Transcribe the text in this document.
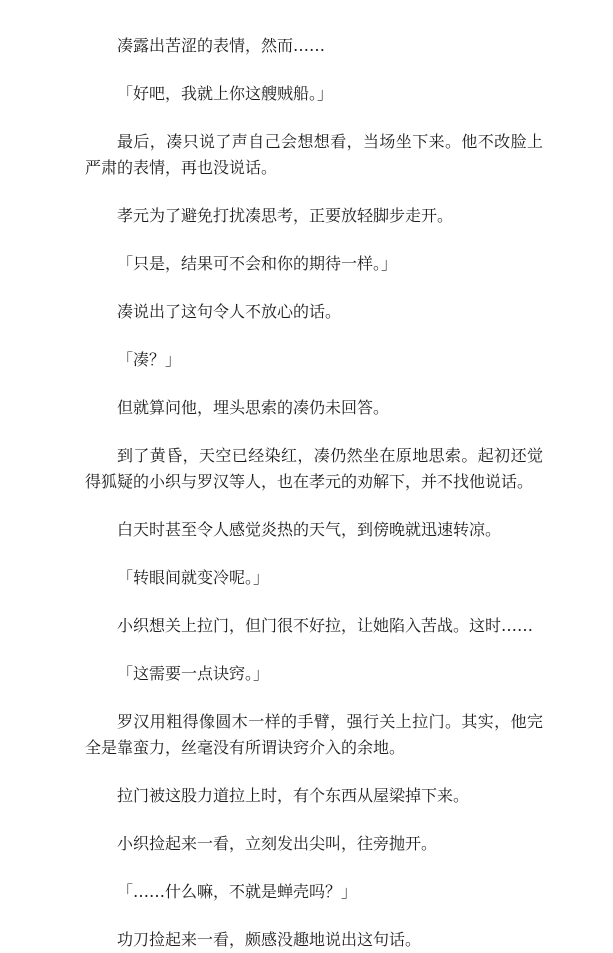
凑露出苦涩的表情，然而……

「好吧，我就上你这艘贼船。」

最后，凑只说了声自己会想想看，当场坐下来。他不改脸上严肃的表情，再也没说话。

孝元为了避免打扰凑思考，正要放轻脚步走开。

「只是，结果可不会和你的期待一样。」

凑说出了这句令人不放心的话。

「凑？」

但就算问他，埋头思索的凑仍未回答。

到了黄昏，天空已经染红，凑仍然坐在原地思索。起初还觉得狐疑的小织与罗汉等人，也在孝元的劝解下，并不找他说话。

白天时甚至令人感觉炎热的天气，到傍晚就迅速转凉。

「转眼间就变冷呢。」

小织想关上拉门，但门很不好拉，让她陷入苦战。这时……

「这需要一点诀窍。」

罗汉用粗得像圆木一样的手臂，强行关上拉门。其实，他完全是靠蛮力，丝毫没有所谓诀窍介入的余地。

拉门被这股力道拉上时，有个东西从屋梁掉下来。

小织捡起来一看，立刻发出尖叫，往旁抛开。

「……什么嘛，不就是蝉壳吗？」

功刀捡起来一看，颇感没趣地说出这句话。
